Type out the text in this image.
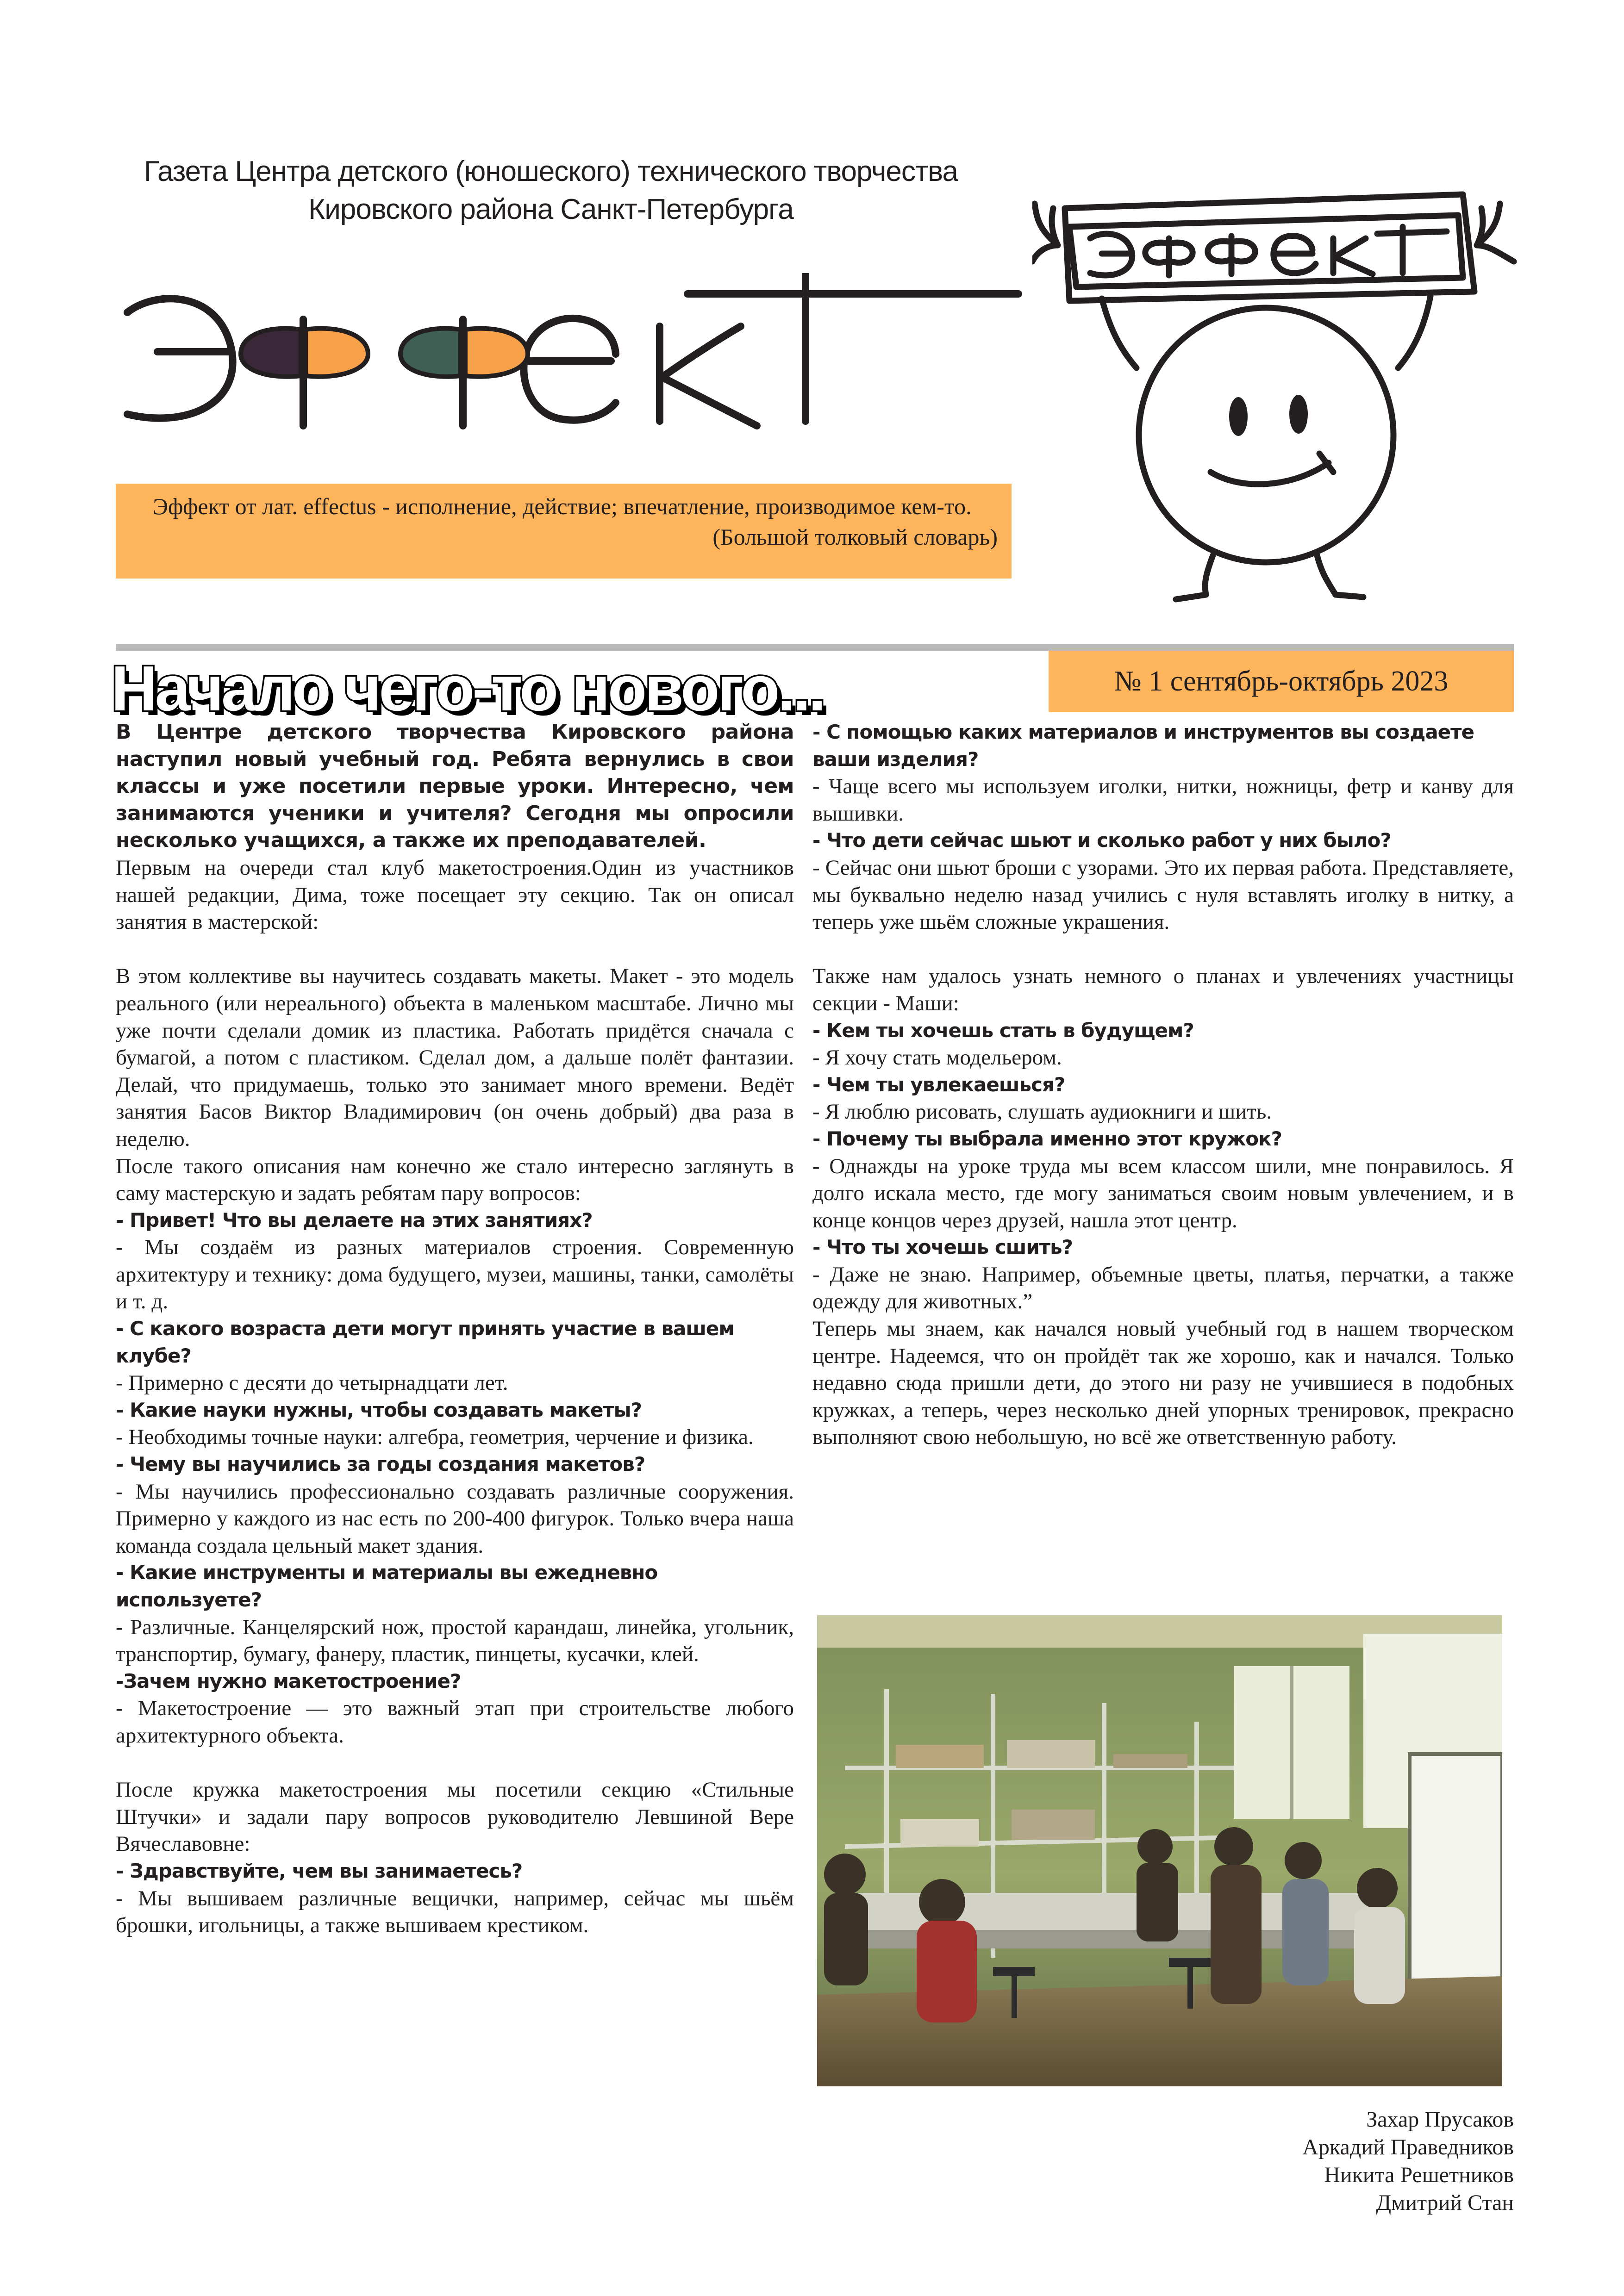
Газета Центра детского (юношеского) технического творчества
Кировского района Санкт-Петербурга
Эффект от лат. effectus - исполнение, действие; впечатление, производимое кем-то.
(Большой толковый словарь)
Начало чего-то нового...	№ 1 сентябрь-октябрь 2023

В Центре детского творчества Кировского района наступил новый учебный год. Ребята вернулись в свои классы и уже посетили первые уроки. Интересно, чем занимаются ученики и учителя? Сегодня мы опросили несколько учащихся, а также их преподавателей.

Первым на очереди стал клуб макетостроения.Один из участников нашей редакции, Дима, тоже посещает эту секцию. Так он описал занятия в мастерской:

В этом коллективе вы научитесь создавать макеты. Макет - это модель реального (или нереального) объекта в маленьком масштабе. Лично мы уже почти сделали домик из пластика. Работать придётся сначала с бумагой, а потом с пластиком. Сделал дом, а дальше полёт фантазии. Делай, что придумаешь, только это занимает много времени. Ведёт занятия Басов Виктор Владимирович (он очень добрый) два раза в неделю.

После такого описания нам конечно же стало интересно заглянуть в саму мастерскую и задать ребятам пару вопросов:

- Привет! Что вы делаете на этих занятиях?

- Мы создаём из разных материалов строения. Современную архитектуру и технику: дома будущего, музеи, машины, танки, самолёты и т. д.

- С какого возраста дети могут принять участие в вашем клубе?

- Примерно с десяти до четырнадцати лет.

- Какие науки нужны, чтобы создавать макеты?

- Необходимы точные науки: алгебра, геометрия, черчение и физика.

- Чему вы научились за годы создания макетов?

- Мы научились профессионально создавать различные сооружения. Примерно у каждого из нас есть по 200-400 фигурок. Только вчера наша команда создала цельный макет здания.

- Какие инструменты и материалы вы ежедневно используете?

- Различные. Канцелярский нож, простой карандаш, линейка, угольник, транспортир, бумагу, фанеру, пластик, пинцеты, кусачки, клей.

-Зачем нужно макетостроение?

- Макетостроение — это важный этап при строительстве любого архитектурного объекта.

После кружка макетостроения мы посетили секцию «Стильные Штучки» и задали пару вопросов руководителю Левшиной Вере Вячеславовне:

- Здравствуйте, чем вы занимаетесь?

- Мы вышиваем различные вещички, например, сейчас мы шьём брошки, игольницы, а также вышиваем крестиком.

- С помощью каких материалов и инструментов вы создаете ваши изделия?

- Чаще всего мы используем иголки, нитки, ножницы, фетр и канву для вышивки.

- Что дети сейчас шьют и сколько работ у них было?

- Сейчас они шьют броши с узорами. Это их первая работа. Представляете, мы буквально неделю назад учились с нуля вставлять иголку в нитку, а теперь уже шьём сложные украшения.

Также нам удалось узнать немного о планах и увлечениях участницы секции - Маши:

- Кем ты хочешь стать в будущем?

- Я хочу стать модельером.

- Чем ты увлекаешься?

- Я люблю рисовать, слушать аудиокниги и шить.

- Почему ты выбрала именно этот кружок?

- Однажды на уроке труда мы всем классом шили, мне понравилось. Я долго искала место, где могу заниматься своим новым увлечением, и в конце концов через друзей, нашла этот центр.

- Что ты хочешь сшить?

- Даже не знаю. Например, объемные цветы, платья, перчатки, а также одежду для животных.”

Теперь мы знаем, как начался новый учебный год в нашем творческом центре. Надеемся, что он пройдёт так же хорошо, как и начался. Только недавно сюда пришли дети, до этого ни разу не учившиеся в подобных кружках, а теперь, через несколько дней упорных тренировок, прекрасно выполняют свою небольшую, но всё же ответственную работу.

Захар Прусаков
Аркадий Праведников
Никита Решетников
Дмитрий Стан
